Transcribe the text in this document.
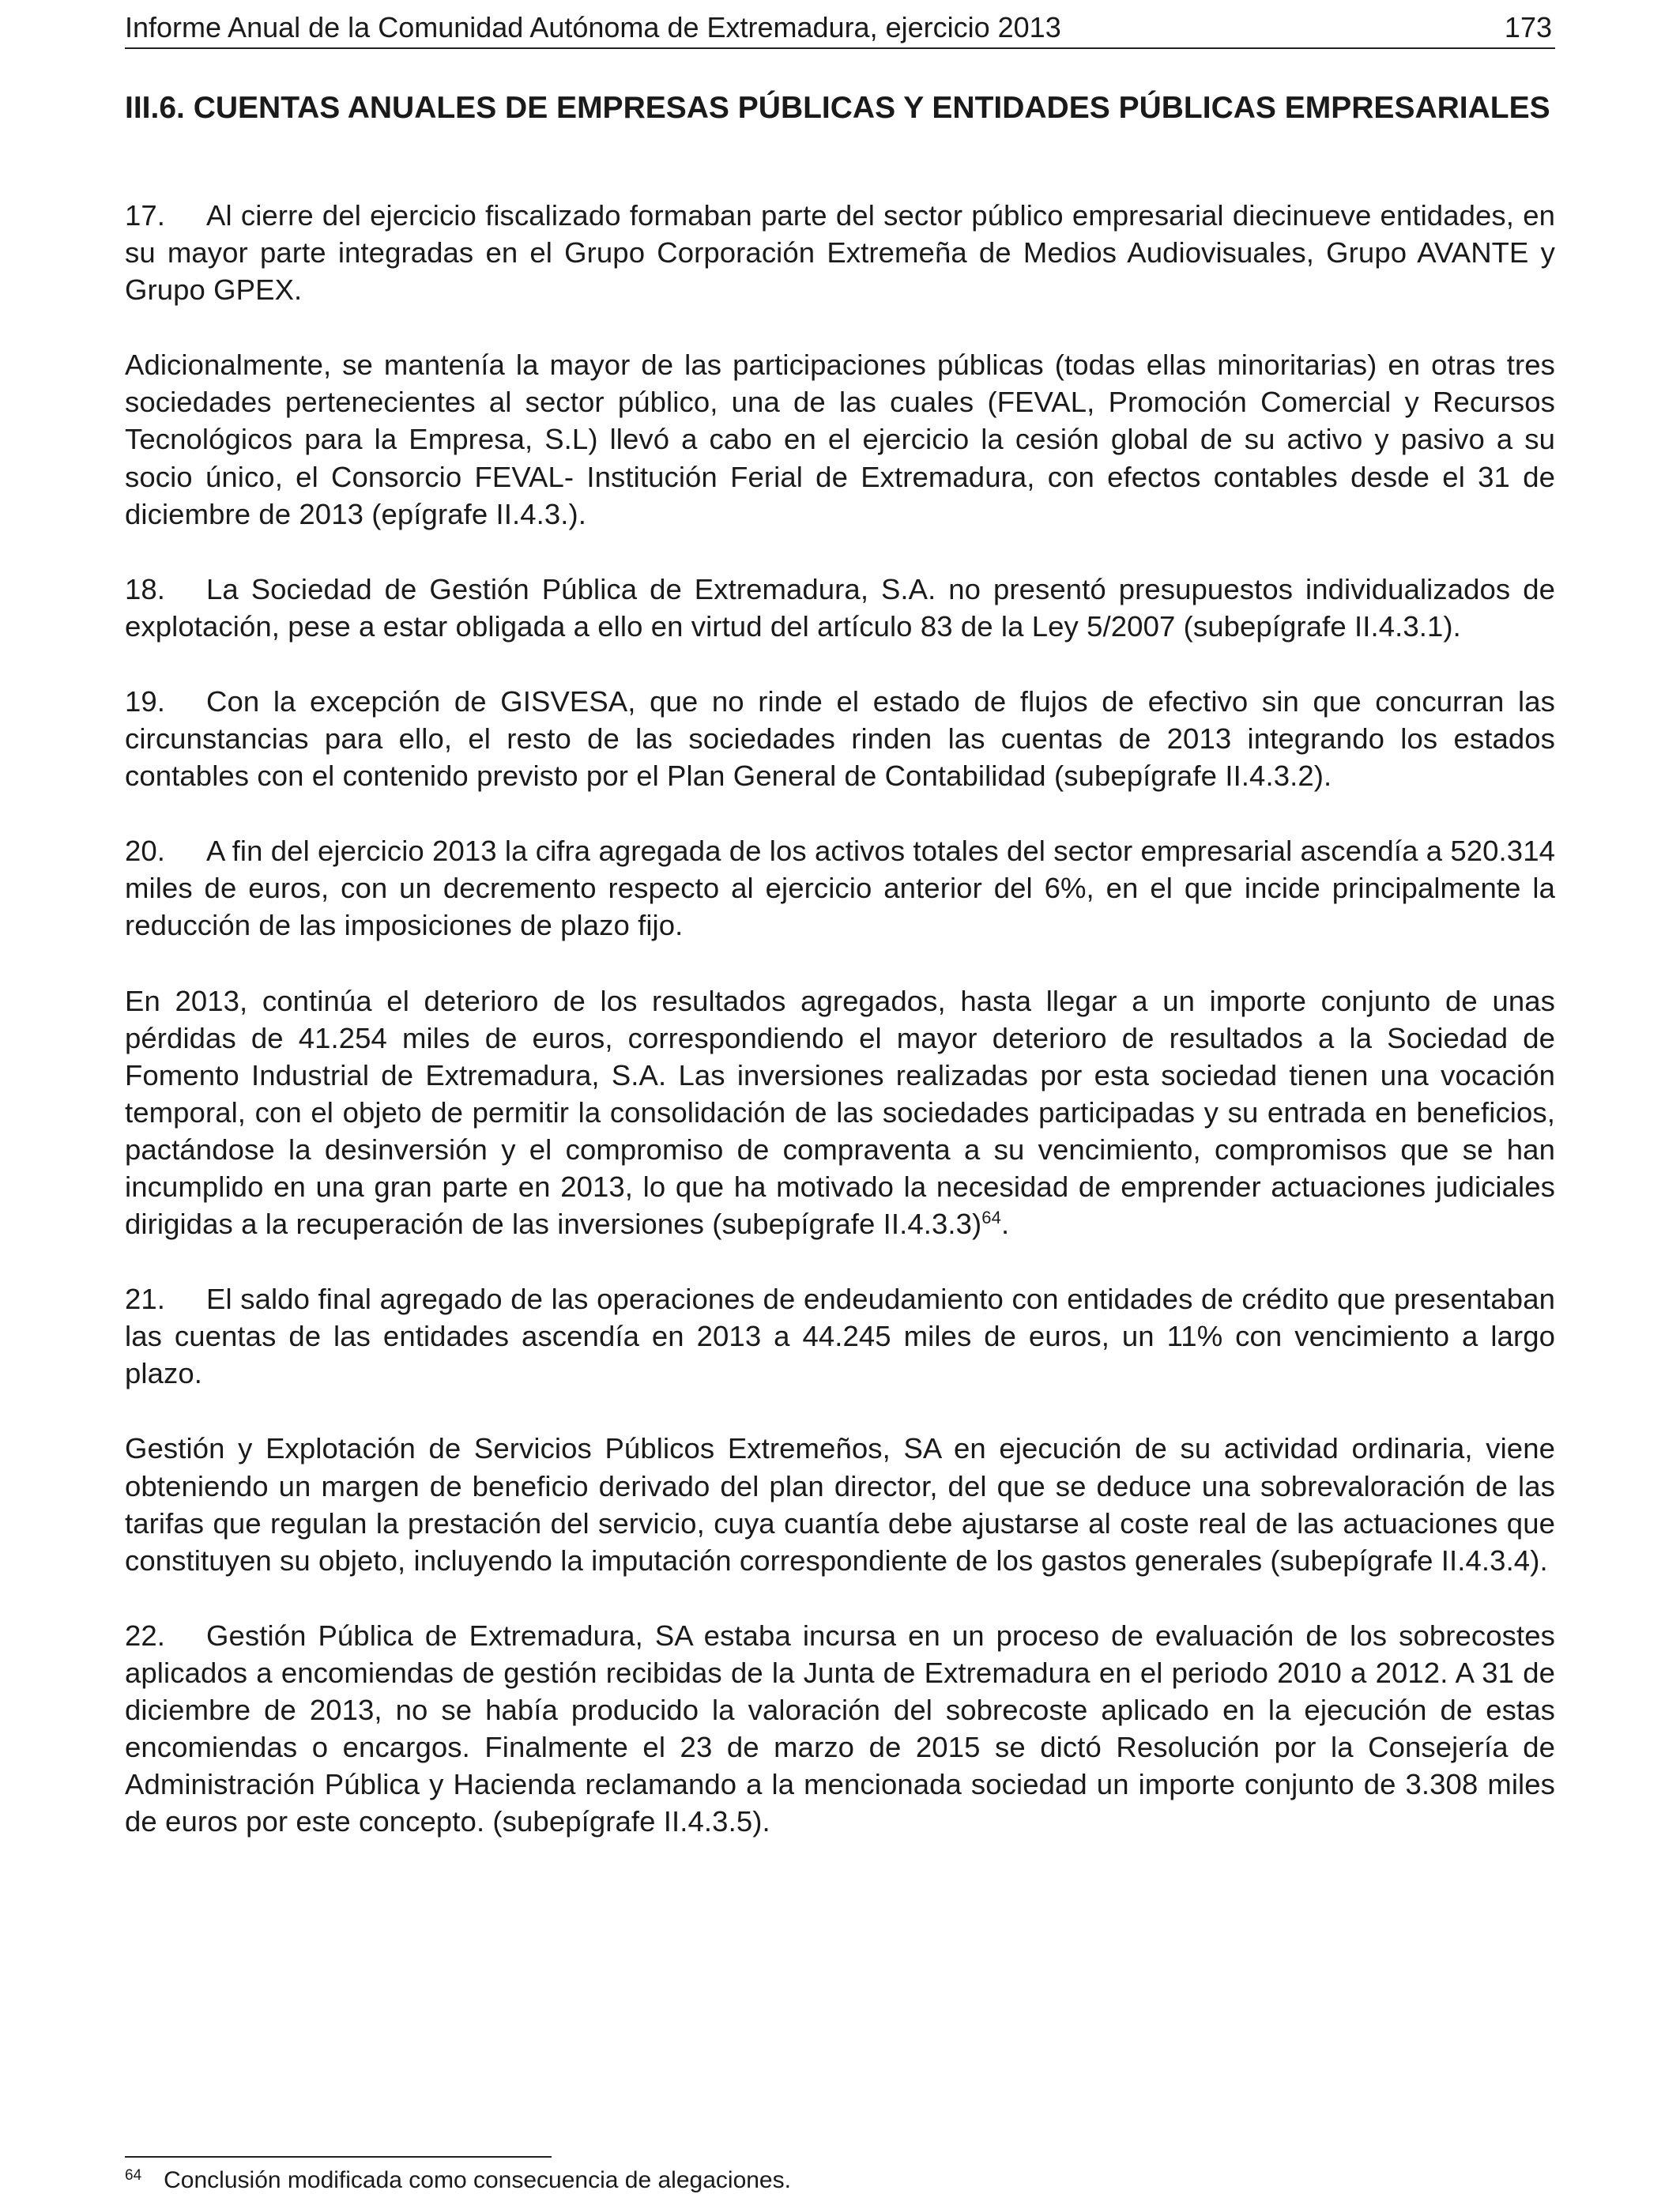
Informe Anual de la Comunidad Autónoma de Extremadura, ejercicio 2013	173
III.6. CUENTAS ANUALES DE EMPRESAS PÚBLICAS Y ENTIDADES PÚBLICAS EMPRESARIALES

17. Al cierre del ejercicio fiscalizado formaban parte del sector público empresarial diecinueve entidades, en su mayor parte integradas en el Grupo Corporación Extremeña de Medios Audiovisuales, Grupo AVANTE y Grupo GPEX.

Adicionalmente, se mantenía la mayor de las participaciones públicas (todas ellas minoritarias) en otras tres sociedades pertenecientes al sector público, una de las cuales (FEVAL, Promoción Comercial y Recursos Tecnológicos para la Empresa, S.L) llevó a cabo en el ejercicio la cesión global de su activo y pasivo a su socio único, el Consorcio FEVAL- Institución Ferial de Extremadura, con efectos contables desde el 31 de diciembre de 2013 (epígrafe II.4.3.).

18. La Sociedad de Gestión Pública de Extremadura, S.A. no presentó presupuestos individualizados de explotación, pese a estar obligada a ello en virtud del artículo 83 de la Ley 5/2007 (subepígrafe II.4.3.1).

19. Con la excepción de GISVESA, que no rinde el estado de flujos de efectivo sin que concurran las circunstancias para ello, el resto de las sociedades rinden las cuentas de 2013 integrando los estados contables con el contenido previsto por el Plan General de Contabilidad (subepígrafe II.4.3.2).

20. A fin del ejercicio 2013 la cifra agregada de los activos totales del sector empresarial ascendía a 520.314 miles de euros, con un decremento respecto al ejercicio anterior del 6%, en el que incide principalmente la reducción de las imposiciones de plazo fijo.

En 2013, continúa el deterioro de los resultados agregados, hasta llegar a un importe conjunto de unas pérdidas de 41.254 miles de euros, correspondiendo el mayor deterioro de resultados a la Sociedad de Fomento Industrial de Extremadura, S.A. Las inversiones realizadas por esta sociedad tienen una vocación temporal, con el objeto de permitir la consolidación de las sociedades participadas y su entrada en beneficios, pactándose la desinversión y el compromiso de compraventa a su vencimiento, compromisos que se han incumplido en una gran parte en 2013, lo que ha motivado la necesidad de emprender actuaciones judiciales dirigidas a la recuperación de las inversiones (subepígrafe II.4.3.3)$^{64}$.

21. El saldo final agregado de las operaciones de endeudamiento con entidades de crédito que presentaban las cuentas de las entidades ascendía en 2013 a 44.245 miles de euros, un 11% con vencimiento a largo plazo.

Gestión y Explotación de Servicios Públicos Extremeños, SA en ejecución de su actividad ordinaria, viene obteniendo un margen de beneficio derivado del plan director, del que se deduce una sobrevaloración de las tarifas que regulan la prestación del servicio, cuya cuantía debe ajustarse al coste real de las actuaciones que constituyen su objeto, incluyendo la imputación correspondiente de los gastos generales (subepígrafe II.4.3.4).

22. Gestión Pública de Extremadura, SA estaba incursa en un proceso de evaluación de los sobrecostes aplicados a encomiendas de gestión recibidas de la Junta de Extremadura en el periodo 2010 a 2012. A 31 de diciembre de 2013, no se había producido la valoración del sobrecoste aplicado en la ejecución de estas encomiendas o encargos. Finalmente el 23 de marzo de 2015 se dictó Resolución por la Consejería de Administración Pública y Hacienda reclamando a la mencionada sociedad un importe conjunto de 3.308 miles de euros por este concepto. (subepígrafe II.4.3.5).

$^{64}$ Conclusión modificada como consecuencia de alegaciones.
